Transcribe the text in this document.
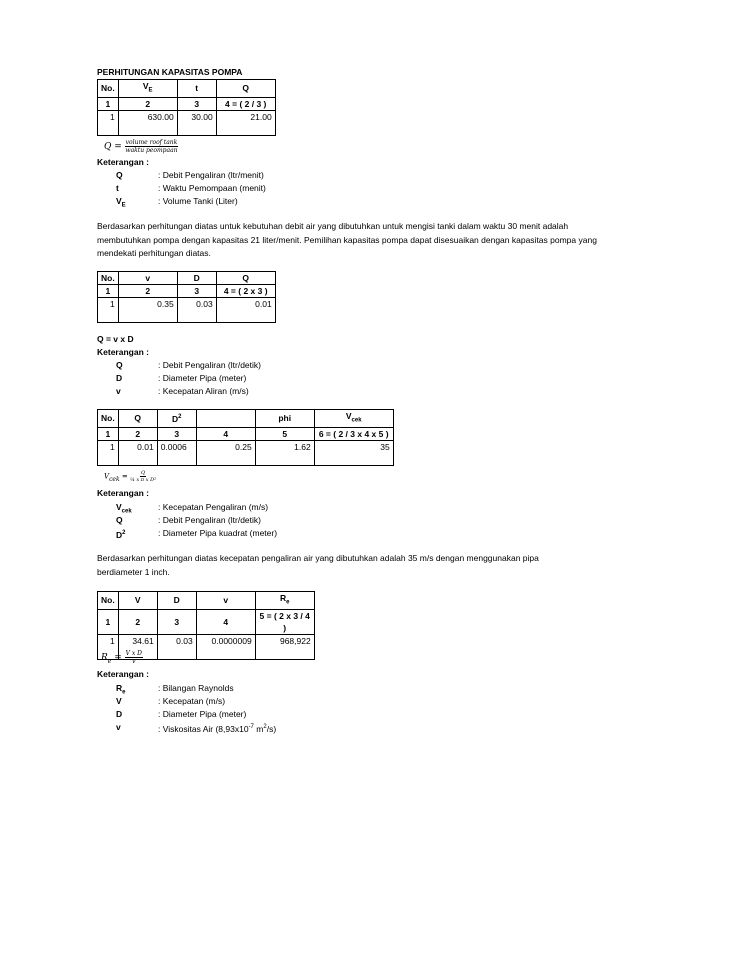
PERHITUNGAN KAPASITAS POMPA
No.	$V_E$	t	Q
1	2	3	4 = ( 2 / 3 )
1	630.00	30.00	21.00
$Q = \frac{\text{volume roof tank}}{\text{waktu peompaan}}$
Keterangan :
Q	: Debit Pengaliran (ltr/menit)
t	: Waktu Pemompaan (menit)
$V_E$	: Volume Tanki (Liter)
Berdasarkan perhitungan diatas untuk kebutuhan debit air yang dibutuhkan untuk mengisi tanki dalam waktu 30 menit adalah membutuhkan pompa dengan kapasitas 21 liter/menit. Pemilihan kapasitas pompa dapat disesuaikan dengan kapasitas pompa yang mendekati perhitungan diatas.
No.	v	D	Q
1	2	3	4 = ( 2 x 3 )
1	0.35	0.03	0.01
Q = v x D
Keterangan :
Q	: Debit Pengaliran (ltr/detik)
D	: Diameter Pipa (meter)
v	: Kecepatan Aliran (m/s)
No.	Q	$D^2$		phi	$V_{cek}$
1	2	3	4	5	6 = ( 2 / 3 x 4 x 5 )
1	0.01	0.0006	0.25	1.62	35
$V_{cek} = \frac{Q}{\text{¼ x π x D²}}$
Keterangan :
$V_{cek}$	: Kecepatan Pengaliran (m/s)
Q	: Debit Pengaliran (ltr/detik)
$D^2$	: Diameter Pipa kuadrat (meter)
Berdasarkan perhitungan diatas kecepatan pengaliran air yang dibutuhkan adalah 35 m/s dengan menggunakan pipa berdiameter 1 inch.
No.	V	D	v	$R_e$
1	2	3	4	5 = ( 2 x 3 / 4 )
1	34.61	0.03	0.0000009	968,922
$R_e = \frac{\text{V x D}}{v}$
Keterangan :
$R_e$	: Bilangan Raynolds
V	: Kecepatan (m/s)
D	: Diameter Pipa (meter)
v	: Viskositas Air ($8,93x10^{-7}$ $m^2/s$)
